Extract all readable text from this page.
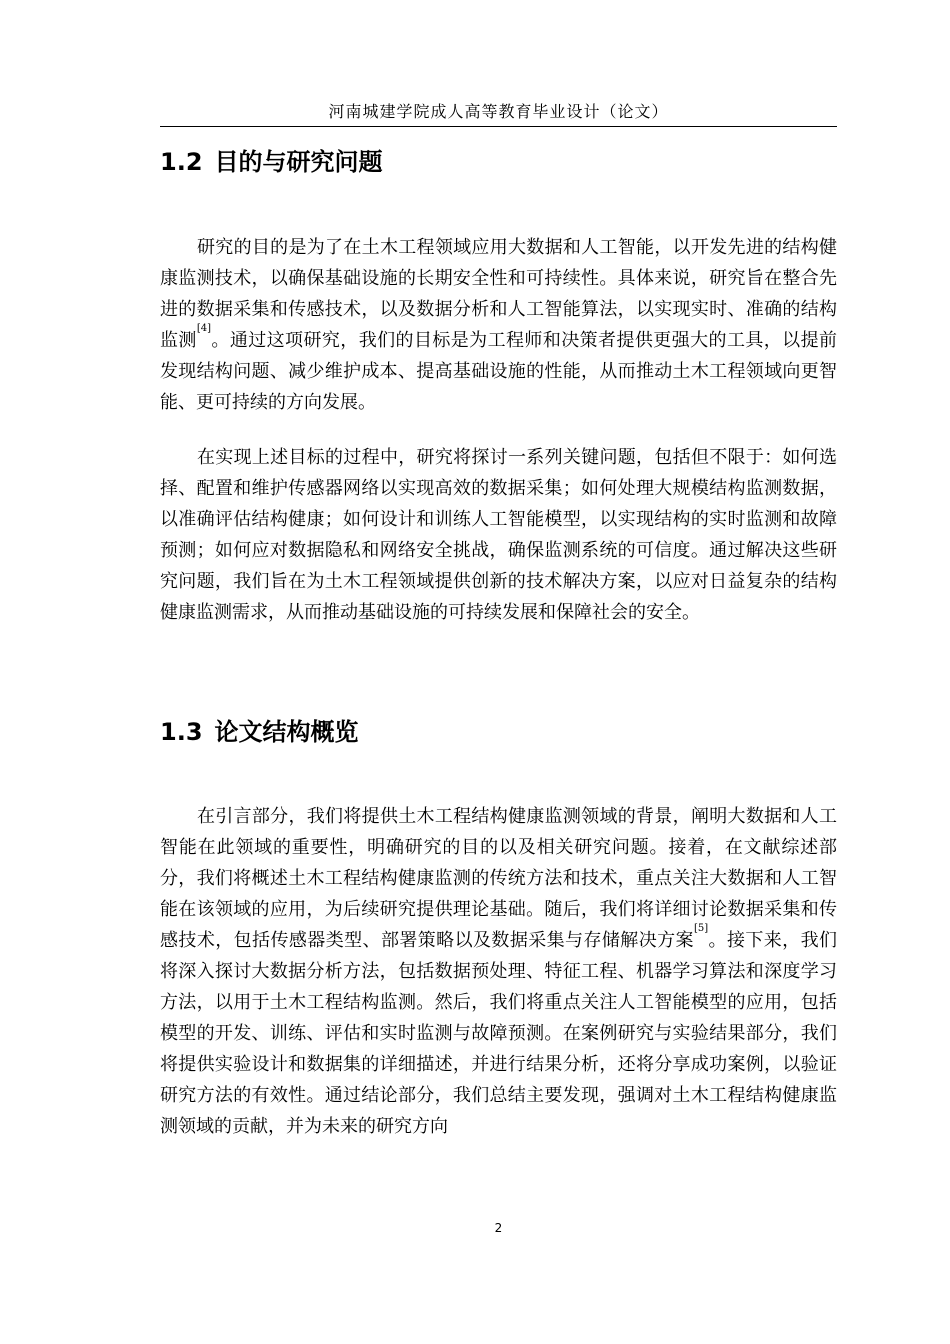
河南城建学院成人高等教育毕业设计（论文）
1.2 目的与研究问题

研究的目的是为了在土木工程领域应用大数据和人工智能，以开发先进的结构健康监测技术，以确保基础设施的长期安全性和可持续性。具体来说，研究旨在整合先进的数据采集和传感技术，以及数据分析和人工智能算法，以实现实时、准确的结构监测[4]。通过这项研究，我们的目标是为工程师和决策者提供更强大的工具，以提前发现结构问题、减少维护成本、提高基础设施的性能，从而推动土木工程领域向更智能、更可持续的方向发展。

在实现上述目标的过程中，研究将探讨一系列关键问题，包括但不限于：如何选择、配置和维护传感器网络以实现高效的数据采集；如何处理大规模结构监测数据，以准确评估结构健康；如何设计和训练人工智能模型，以实现结构的实时监测和故障预测；如何应对数据隐私和网络安全挑战，确保监测系统的可信度。通过解决这些研究问题，我们旨在为土木工程领域提供创新的技术解决方案，以应对日益复杂的结构健康监测需求，从而推动基础设施的可持续发展和保障社会的安全。

1.3 论文结构概览

在引言部分，我们将提供土木工程结构健康监测领域的背景，阐明大数据和人工智能在此领域的重要性，明确研究的目的以及相关研究问题。接着，在文献综述部分，我们将概述土木工程结构健康监测的传统方法和技术，重点关注大数据和人工智能在该领域的应用，为后续研究提供理论基础。随后，我们将详细讨论数据采集和传感技术，包括传感器类型、部署策略以及数据采集与存储解决方案[5]。接下来，我们将深入探讨大数据分析方法，包括数据预处理、特征工程、机器学习算法和深度学习方法，以用于土木工程结构监测。然后，我们将重点关注人工智能模型的应用，包括模型的开发、训练、评估和实时监测与故障预测。在案例研究与实验结果部分，我们将提供实验设计和数据集的详细描述，并进行结果分析，还将分享成功案例，以验证研究方法的有效性。通过结论部分，我们总结主要发现，强调对土木工程结构健康监测领域的贡献，并为未来的研究方向

2
